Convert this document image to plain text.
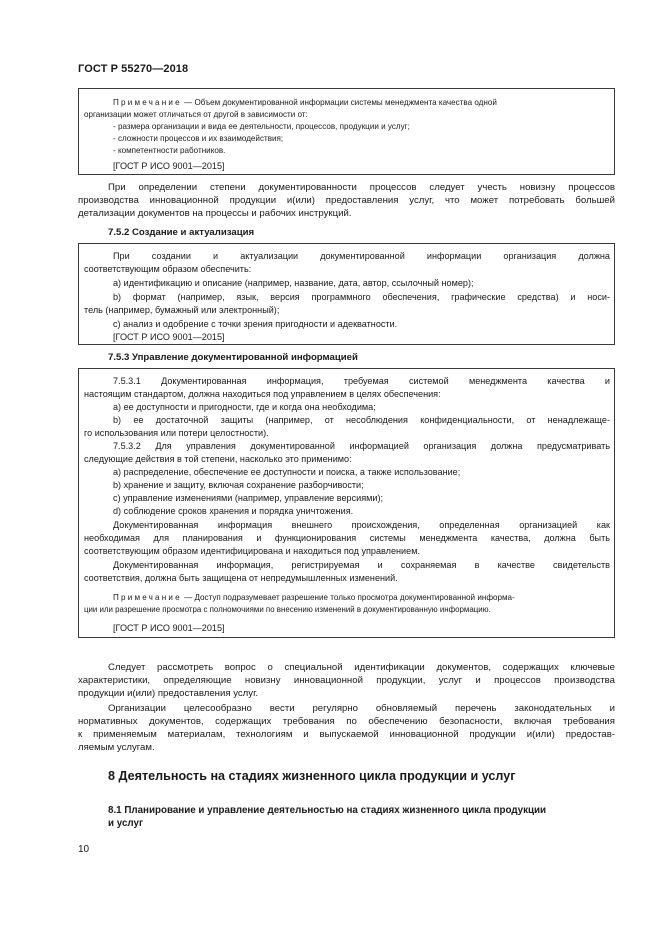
ГОСТ Р 55270—2018
Примечание — Объем документированной информации системы менеджмента качества одной
организации может отличаться от другой в зависимости от:
- размера организации и вида ее деятельности, процессов, продукции и услуг;
- сложности процессов и их взаимодействия;
- компетентности работников.
[ГОСТ Р ИСО 9001—2015]
При определении степени документированности процессов следует учесть новизну процессов
производства инновационной продукции и(или) предоставления услуг, что может потребовать большей
детализации документов на процессы и рабочих инструкций.
7.5.2 Создание и актуализация
При создании и актуализации документированной информации организация должна
соответствующим образом обеспечить:
а) идентификацию и описание (например, название, дата, автор, ссылочный номер);
b) формат (например, язык, версия программного обеспечения, графические средства) и носи-
тель (например, бумажный или электронный);
с) анализ и одобрение с точки зрения пригодности и адекватности.
[ГОСТ Р ИСО 9001—2015]
7.5.3 Управление документированной информацией
7.5.3.1 Документированная информация, требуемая системой менеджмента качества и
настоящим стандартом, должна находиться под управлением в целях обеспечения:
а) ее доступности и пригодности, где и когда она необходима;
b) ее достаточной защиты (например, от несоблюдения конфиденциальности, от ненадлежаще-
го использования или потери целостности).
7.5.3.2 Для управления документированной информацией организация должна предусматривать
следующие действия в той степени, насколько это применимо:
а) распределение, обеспечение ее доступности и поиска, а также использование;
b) хранение и защиту, включая сохранение разборчивости;
с) управление изменениями (например, управление версиями);
d) соблюдение сроков хранения и порядка уничтожения.
Документированная информация внешнего происхождения, определенная организацией как
необходимая для планирования и функционирования системы менеджмента качества, должна быть
соответствующим образом идентифицирована и находиться под управлением.
Документированная информация, регистрируемая и сохраняемая в качестве свидетельств
соответствия, должна быть защищена от непредумышленных изменений.
Примечание — Доступ подразумевает разрешение только просмотра документированной информа-
ции или разрешение просмотра с полномочиями по внесению изменений в документированную информацию.
[ГОСТ Р ИСО 9001—2015]
Следует рассмотреть вопрос о специальной идентификации документов, содержащих ключевые
характеристики, определяющие новизну инновационной продукции, услуг и процессов производства
продукции и(или) предоставления услуг.
Организации целесообразно вести регулярно обновляемый перечень законодательных и
нормативных документов, содержащих требования по обеспечению безопасности, включая требования
к применяемым материалам, технологиям и выпускаемой инновационной продукции и(или) предостав-
ляемым услугам.
8 Деятельность на стадиях жизненного цикла продукции и услуг
8.1 Планирование и управление деятельностью на стадиях жизненного цикла продукции
и услуг
10
